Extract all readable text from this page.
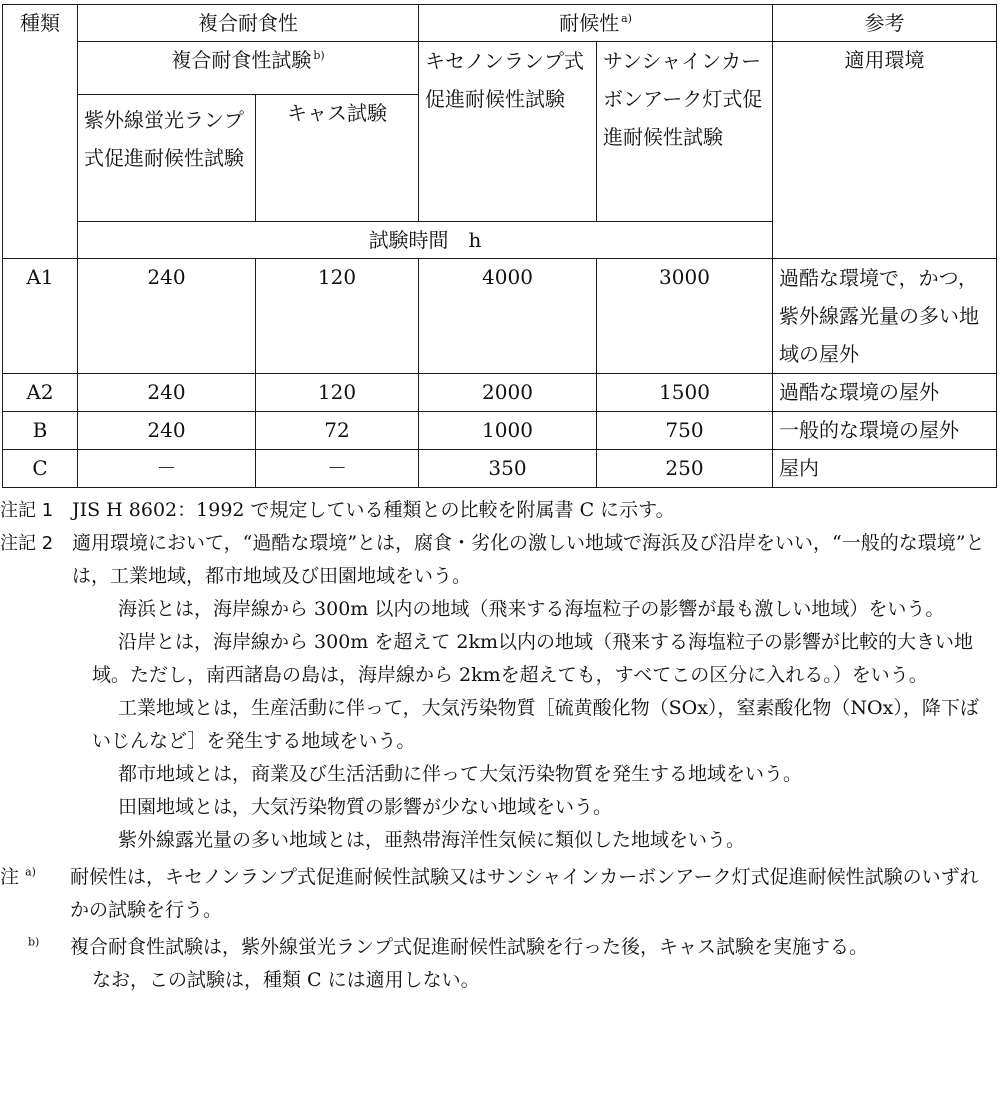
種類	複合耐食性		耐候性 $^{a)}$		参考
	複合耐食性試験 $^{b)}$		キセノンランプ式促進耐候性試験	サンシャインカーボンアーク灯式促進耐候性試験	適用環境
	紫外線蛍光ランプ式促進耐候性試験	キャス試験			
	試験時間　h				
A1	240	120	4000	3000	過酷な環境で，かつ，紫外線露光量の多い地域の屋外
A2	240	120	2000	1500	過酷な環境の屋外
B	240	72	1000	750	一般的な環境の屋外
C	－	－	350	250	屋内
注記 1 JIS H 8602：1992 で規定している種類との比較を附属書 C に示す。
注記 2 適用環境において，“過酷な環境”とは，腐食・劣化の激しい地域で海浜及び沿岸をいい，“一般的な環境”とは，工業地域，都市地域及び田園地域をいう。
海浜とは，海岸線から 300m 以内の地域（飛来する海塩粒子の影響が最も激しい地域）をいう。
沿岸とは，海岸線から 300m を超えて 2km以内の地域（飛来する海塩粒子の影響が比較的大きい地域。ただし，南西諸島の島は，海岸線から 2kmを超えても，すべてこの区分に入れる。）をいう。
工業地域とは，生産活動に伴って，大気汚染物質［硫黄酸化物（SOx），窒素酸化物（NOx），降下ばいじんなど］を発生する地域をいう。
都市地域とは，商業及び生活活動に伴って大気汚染物質を発生する地域をいう。
田園地域とは，大気汚染物質の影響が少ない地域をいう。
紫外線露光量の多い地域とは，亜熱帯海洋性気候に類似した地域をいう。
注 $^{a)}$	耐候性は，キセノンランプ式促進耐候性試験又はサンシャインカーボンアーク灯式促進耐候性試験のいずれかの試験を行う。
$^{b)}$	複合耐食性試験は，紫外線蛍光ランプ式促進耐候性試験を行った後，キャス試験を実施する。
なお，この試験は，種類 C には適用しない。
